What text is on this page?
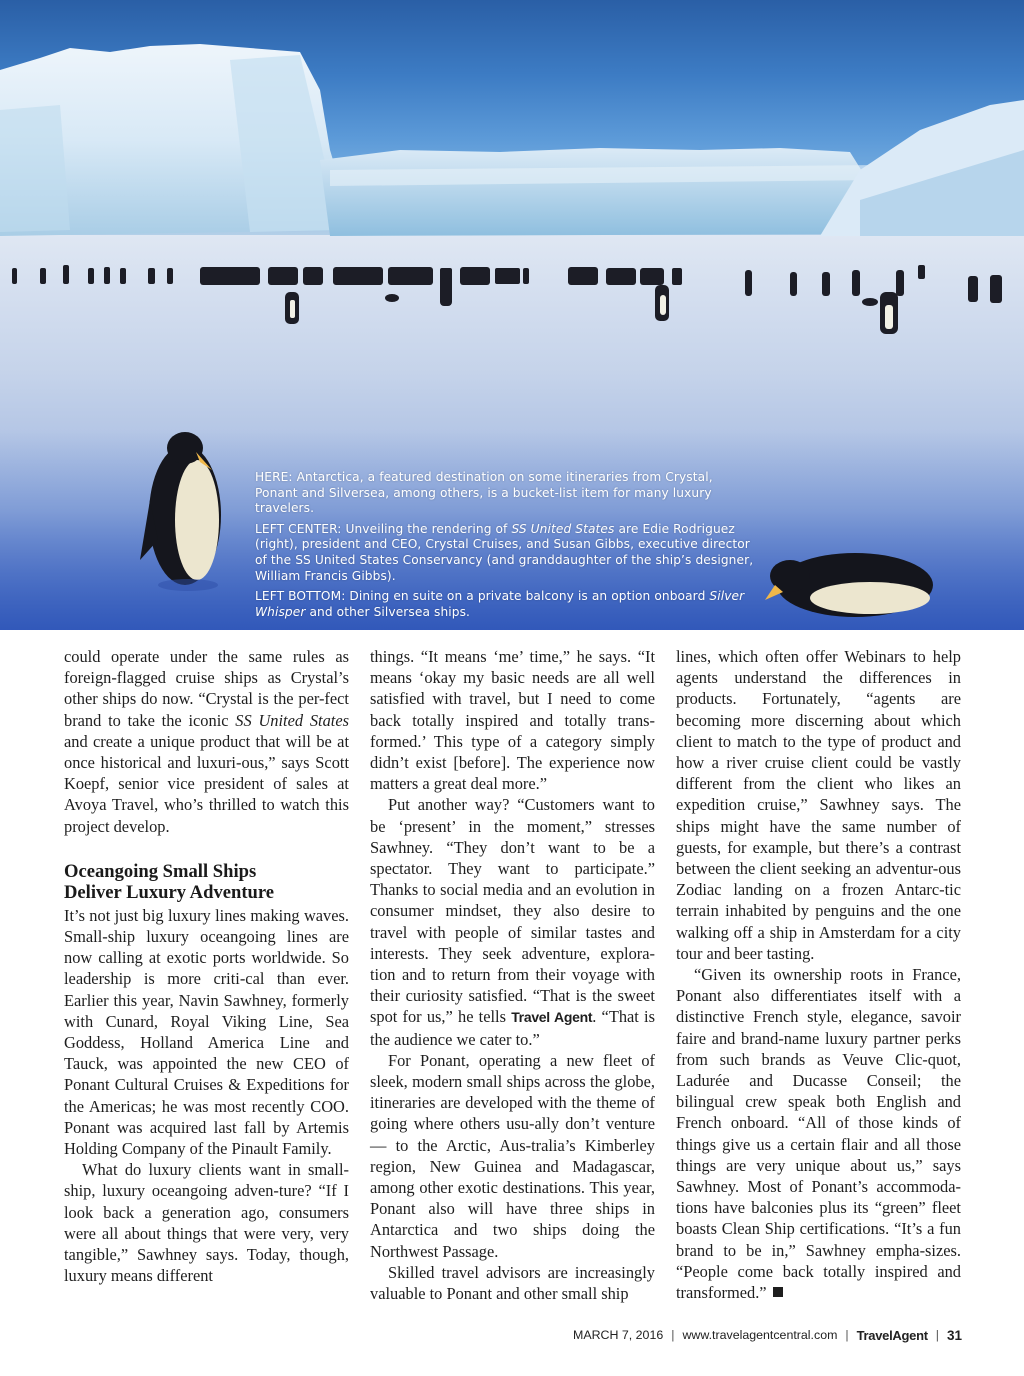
HERE: Antarctica, a featured destination on some itineraries from Crystal, Ponant and Silversea, among others, is a bucket-list item for many luxury travelers.

LEFT CENTER: Unveiling the rendering of SS United States are Edie Rodriguez (right), president and CEO, Crystal Cruises, and Susan Gibbs, executive director of the SS United States Conservancy (and granddaughter of the ship’s designer, William Francis Gibbs).

LEFT BOTTOM: Dining en suite on a private balcony is an option onboard Silver Whisper and other Silversea ships.

could operate under the same rules as foreign-flagged cruise ships as Crystal’s other ships do now. “Crystal is the per-fect brand to take the iconic SS United States and create a unique product that will be at once historical and luxuri-ous,” says Scott Koepf, senior vice president of sales at Avoya Travel, who’s thrilled to watch this project develop.

Oceangoing Small Ships
Deliver Luxury Adventure

It’s not just big luxury lines making waves. Small-ship luxury oceangoing lines are now calling at exotic ports worldwide. So leadership is more criti-cal than ever. Earlier this year, Navin Sawhney, formerly with Cunard, Royal Viking Line, Sea Goddess, Holland America Line and Tauck, was appointed the new CEO of Ponant Cultural Cruises & Expeditions for the Americas; he was most recently COO. Ponant was acquired last fall by Artemis Holding Company of the Pinault Family.

What do luxury clients want in small-ship, luxury oceangoing adven-ture? “If I look back a generation ago, consumers were all about things that were very, very tangible,” Sawhney says. Today, though, luxury means different

things. “It means ‘me’ time,” he says. “It means ‘okay my basic needs are all well satisfied with travel, but I need to come back totally inspired and totally trans-formed.’ This type of a category simply didn’t exist [before]. The experience now matters a great deal more.”

Put another way? “Customers want to be ‘present’ in the moment,” stresses Sawhney. “They don’t want to be a spectator. They want to participate.” Thanks to social media and an evolution in consumer mindset, they also desire to travel with people of similar tastes and interests. They seek adventure, explora-tion and to return from their voyage with their curiosity satisfied. “That is the sweet spot for us,” he tells Travel Agent. “That is the audience we cater to.”

For Ponant, operating a new fleet of sleek, modern small ships across the globe, itineraries are developed with the theme of going where others usu-ally don’t venture — to the Arctic, Aus-tralia’s Kimberley region, New Guinea and Madagascar, among other exotic destinations. This year, Ponant also will have three ships in Antarctica and two ships doing the Northwest Passage.

Skilled travel advisors are increasingly valuable to Ponant and other small ship

lines, which often offer Webinars to help agents understand the differences in products. Fortunately, “agents are becoming more discerning about which client to match to the type of product and how a river cruise client could be vastly different from the client who likes an expedition cruise,” Sawhney says. The ships might have the same number of guests, for example, but there’s a contrast between the client seeking an adventur-ous Zodiac landing on a frozen Antarc-tic terrain inhabited by penguins and the one walking off a ship in Amsterdam for a city tour and beer tasting.

“Given its ownership roots in France, Ponant also differentiates itself with a distinctive French style, elegance, savoir faire and brand-name luxury partner perks from such brands as Veuve Clic-quot, Ladurée and Ducasse Conseil; the bilingual crew speak both English and French onboard. “All of those kinds of things give us a certain flair and all those things are very unique about us,” says Sawhney. Most of Ponant’s accommoda-tions have balconies plus its “green” fleet boasts Clean Ship certifications. “It’s a fun brand to be in,” Sawhney empha-sizes. “People come back totally inspired and transformed.”

MARCH 7, 2016 | www.travelagentcentral.com | TravelAgent | 31
